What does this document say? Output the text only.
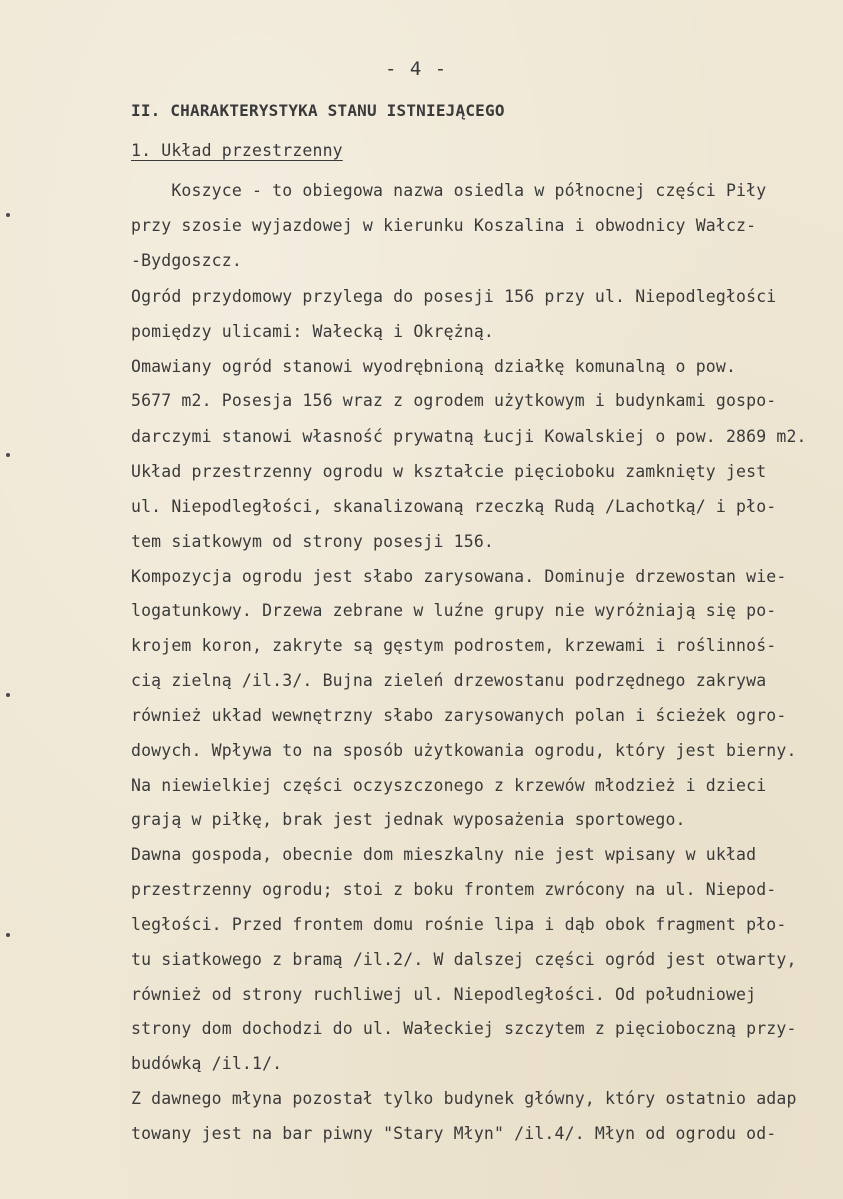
- 4 -
II. CHARAKTERYSTYKA STANU ISTNIEJĄCEGO
1. Układ przestrzenny
Koszyce - to obiegowa nazwa osiedla w północnej części Piły
przy szosie wyjazdowej w kierunku Koszalina i obwodnicy Wałcz-
-Bydgoszcz.
Ogród przydomowy przylega do posesji 156 przy ul. Niepodległości
pomiędzy ulicami: Wałecką i Okrężną.
Omawiany ogród stanowi wyodrębnioną działkę komunalną o pow.
5677 m2. Posesja 156 wraz z ogrodem użytkowym i budynkami gospo-
darczymi stanowi własność prywatną Łucji Kowalskiej o pow. 2869 m2.
Układ przestrzenny ogrodu w kształcie pięcioboku zamknięty jest
ul. Niepodległości, skanalizowaną rzeczką Rudą /Lachotką/ i pło-
tem siatkowym od strony posesji 156.
Kompozycja ogrodu jest słabo zarysowana. Dominuje drzewostan wie-
logatunkowy. Drzewa zebrane w luźne grupy nie wyróżniają się po-
krojem koron, zakryte są gęstym podrostem, krzewami i roślinnoś-
cią zielną /il.3/. Bujna zieleń drzewostanu podrzędnego zakrywa
również układ wewnętrzny słabo zarysowanych polan i ścieżek ogro-
dowych. Wpływa to na sposób użytkowania ogrodu, który jest bierny.
Na niewielkiej części oczyszczonego z krzewów młodzież i dzieci
grają w piłkę, brak jest jednak wyposażenia sportowego.
Dawna gospoda, obecnie dom mieszkalny nie jest wpisany w układ
przestrzenny ogrodu; stoi z boku frontem zwrócony na ul. Niepod-
ległości. Przed frontem domu rośnie lipa i dąb obok fragment pło-
tu siatkowego z bramą /il.2/. W dalszej części ogród jest otwarty,
również od strony ruchliwej ul. Niepodległości. Od południowej
strony dom dochodzi do ul. Wałeckiej szczytem z pięcioboczną przy-
budówką /il.1/.
Z dawnego młyna pozostał tylko budynek główny, który ostatnio adap
towany jest na bar piwny "Stary Młyn" /il.4/. Młyn od ogrodu od-
